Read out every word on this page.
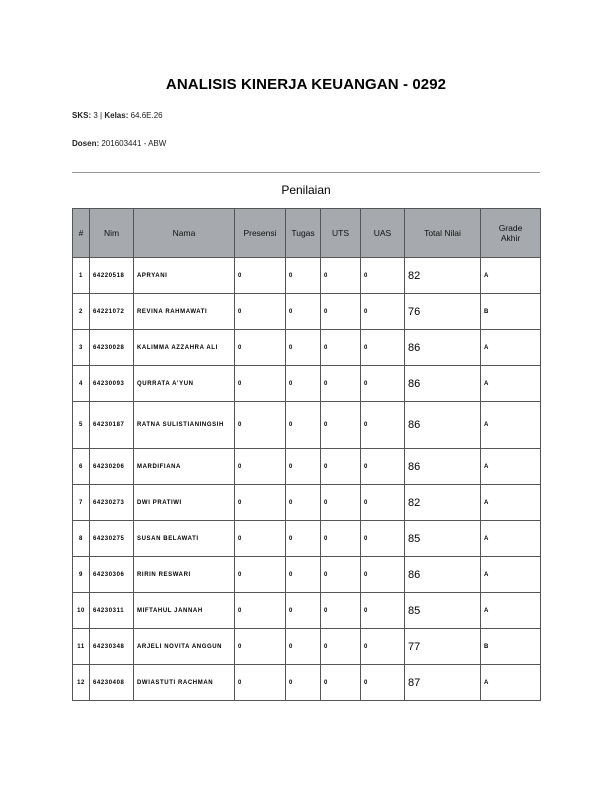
ANALISIS KINERJA KEUANGAN - 0292
SKS: 3 | Kelas: 64.6E.26
Dosen: 201603441 - ABW
Penilaian
#	Nim	Nama	Presensi	Tugas	UTS	UAS	Total Nilai	Grade Akhir
1	64220518	APRYANI	0	0	0	0	82	A
2	64221072	REVINA RAHMAWATI	0	0	0	0	76	B
3	64230028	KALIMMA AZZAHRA ALI	0	0	0	0	86	A
4	64230093	QURRATA A'YUN	0	0	0	0	86	A
5	64230187	RATNA SULISTIANINGSIH	0	0	0	0	86	A
6	64230206	MARDIFIANA	0	0	0	0	86	A
7	64230273	DWI PRATIWI	0	0	0	0	82	A
8	64230275	SUSAN BELAWATI	0	0	0	0	85	A
9	64230306	RIRIN RESWARI	0	0	0	0	86	A
10	64230311	MIFTAHUL JANNAH	0	0	0	0	85	A
11	64230348	ARJELI NOVITA ANGGUN	0	0	0	0	77	B
12	64230408	DWIASTUTI RACHMAN	0	0	0	0	87	A
